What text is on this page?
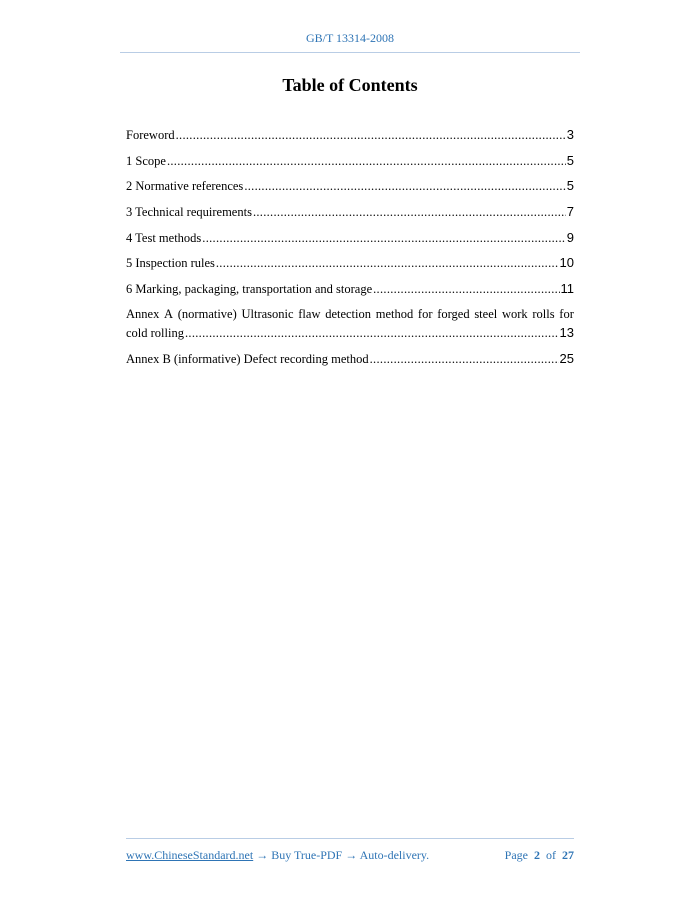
GB/T 13314-2008
Table of Contents
Foreword .....	3
1 Scope .....	5
2 Normative references .....	5
3 Technical requirements .....	7
4 Test methods .....	9
5 Inspection rules .....	10
6 Marking, packaging, transportation and storage .....	11
Annex A (normative) Ultrasonic flaw detection method for forged steel work rolls for
cold rolling .....	13
Annex B (informative) Defect recording method .....	25
www.ChineseStandard.net → Buy True-PDF → Auto-delivery.	Page 2 of 27
